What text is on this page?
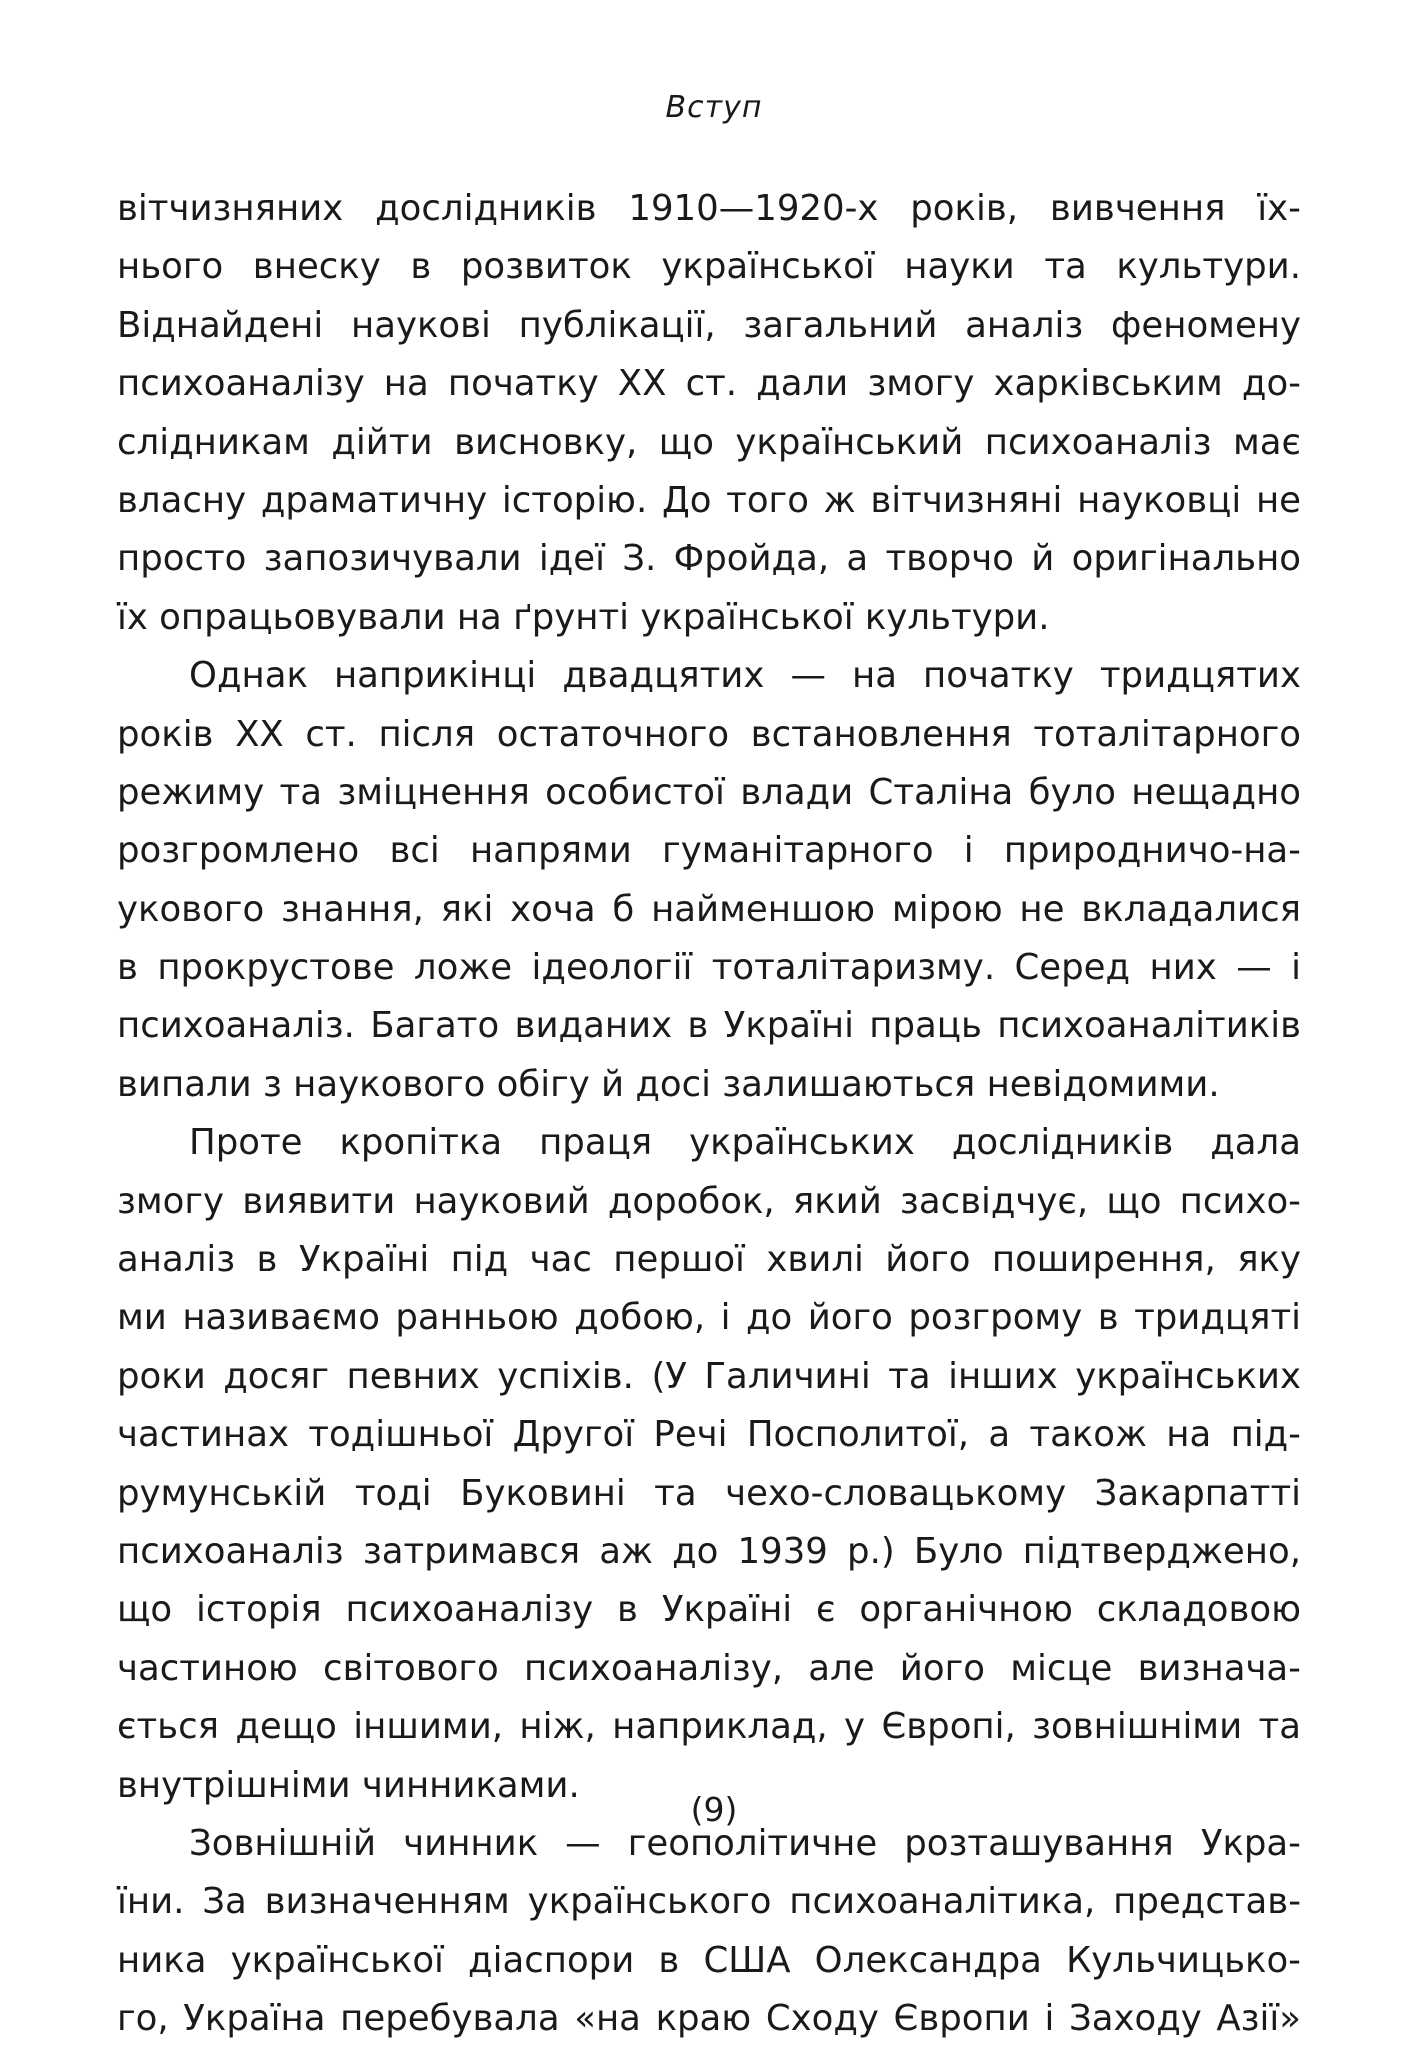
Вступ
вітчизняних дослідників 1910—1920-х років, вивчення їх-
нього внеску в розвиток української науки та культури.
Віднайдені наукові публікації, загальний аналіз феномену
психоаналізу на початку XX ст. дали змогу харківським до-
слідникам дійти висновку, що український психоаналіз має
власну драматичну історію. До того ж вітчизняні науковці не
просто запозичували ідеї З. Фройда, а творчо й оригінально
їх опрацьовували на ґрунті української культури.
Однак наприкінці двадцятих — на початку тридцятих
років XX ст. після остаточного встановлення тоталітарного
режиму та зміцнення особистої влади Сталіна було нещадно
розгромлено всі напрями гуманітарного і природничо-на-
укового знання, які хоча б найменшою мірою не вкладалися
в прокрустове ложе ідеології тоталітаризму. Серед них — і
психоаналіз. Багато виданих в Україні праць психоаналітиків
випали з наукового обігу й досі залишаються невідомими.
Проте кропітка праця українських дослідників дала
змогу виявити науковий доробок, який засвідчує, що психо-
аналіз в Україні під час першої хвилі його поширення, яку
ми називаємо ранньою добою, і до його розгрому в тридцяті
роки досяг певних успіхів. (У Галичині та інших українських
частинах тодішньої Другої Речі Посполитої, а також на під-
румунській тоді Буковині та чехо-словацькому Закарпатті
психоаналіз затримався аж до 1939 р.) Було підтверджено,
що історія психоаналізу в Україні є органічною складовою
частиною світового психоаналізу, але його місце визнача-
ється дещо іншими, ніж, наприклад, у Європі, зовнішніми та
внутрішніми чинниками.
Зовнішній чинник — геополітичне розташування Укра-
їни. За визначенням українського психоаналітика, представ-
ника української діаспори в США Олександра Кульчицько-
го, Україна перебувала «на краю Сходу Європи і Заходу Азії»
(9)
